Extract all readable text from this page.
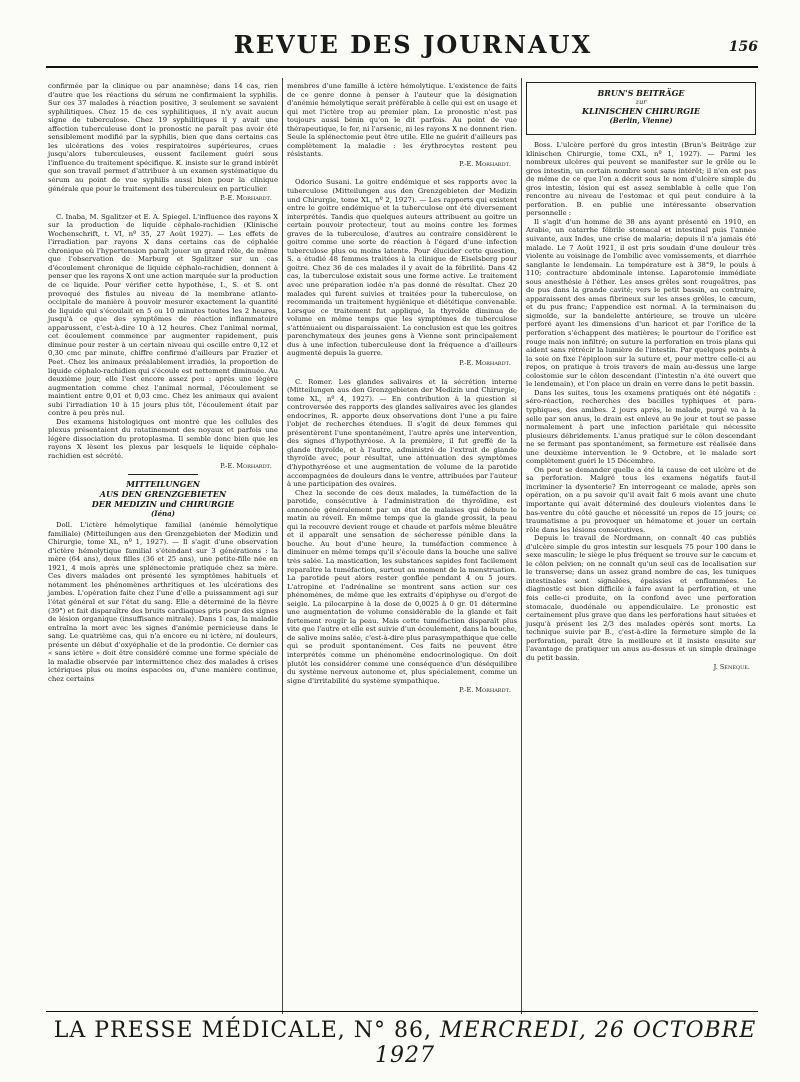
REVUE DES JOURNAUX	156

confirmée par la clinique ou par anamnèse; dans 14 cas, rien d'autre que les réactions du sérum ne confirmaient la syphilis. Sur ces 37 malades à réaction positive, 3 seulement se savaient syphilitiques. Chez 15 de ces syphilitiques, il n'y avait aucun signe de tuberculose. Chez 19 syphilitiques il y avait une affection tuberculeuse dont le pronostic ne paraît pas avoir été sensiblement modifié par la syphilis, bien que dans certains cas les ulcérations des voies respiratoires supérieures, crues jusqu'alors tuberculeuses, eussent facilement guéri sous l'influence du traitement spécifique. K. insiste sur le grand intérêt que son travail permet d'attribuer à un examen systématique du sérum au point de vue syphilis aussi bien pour la clinique générale que pour le traitement des tuberculeux en particulier.

P.-E. Morhardt.

C. Inaba, M. Sgalitzer et E. A. Spiegel. L'influence des rayons X sur la production de liquide céphalo-rachidien (Klinische Wochenschrift, t. VI, nº 35, 27 Août 1927). — Les effets de l'irradiation par rayons X dans certains cas de céphalée chronique où l'hypertension paraît jouer un grand rôle, de même que l'observation de Marburg et Sgalitzer sur un cas d'écoulement chronique de liquide céphalo-rachidien, donnent à penser que les rayons X ont une action marquée sur la production de ce liquide. Pour vérifier cette hypothèse, I., S. et S. ont provoqué des fistules au niveau de la membrane atlanto-occipitale de manière à pouvoir mesurer exactement la quantité de liquide qui s'écoulait en 5 ou 10 minutes toutes les 2 heures, jusqu'à ce que des symptômes de réaction inflammatoire apparussent, c'est-à-dire 10 à 12 heures. Chez l'animal normal, cet écoulement commence par augmenter rapidement, puis diminue pour rester à un certain niveau qui oscille entre 0,12 et 0,30 cmc par minute, chiffre confirmé d'ailleurs par Frazier et Peet. Chez les animaux préalablement irradiés, la proportion de liquide céphalo-rachidien qui s'écoule est nettement diminuée. Au deuxième jour, elle l'est encore assez peu : après une légère augmentation comme chez l'animal normal, l'écoulement se maintient entre 0,01 et 0,03 cmc. Chez les animaux qui avaient subi l'irradiation 10 à 15 jours plus tôt, l'écoulement était par contre à peu près nul.

Des examens histologiques ont montré que les cellules des plexus présentaient du ratatinement des noyaux et parfois une légère dissociation du protoplasma. Il semble donc bien que les rayons X lèsent les plexus par lesquels le liquide céphalo-rachidien est sécrété.

P.-E. Morhardt.
MITTEILUNGEN
AUS DEN GRENZGEBIETEN
DER MEDIZIN und CHIRURGIE
(Iéna)

Doll. L'ictère hémolytique familial (anémie hémolytique familiale) (Mitteilungen aus den Grenzgebieten der Medizin und Chirurgie, tome XL, nº 1, 1927). — Il s'agit d'une observation d'ictère hémolytique familial s'étendant sur 3 générations : la mère (64 ans), deux filles (36 et 25 ans), une petite-fille née en 1921, 4 mois après une splénectomie pratiquée chez sa mère. Ces divers malades ont présenté les symptômes habituels et notamment les phénomènes arthritiques et les ulcérations des jambes. L'opération faite chez l'une d'elle a puissamment agi sur l'état général et sur l'état du sang. Elle a déterminé de la fièvre (39°) et fait disparaître des bruits cardiaques pris pour des signes de lésion organique (insuffisance mitrale). Dans 1 cas, la maladie entraîna la mort avec les signes d'anémie pernicieuse dans le sang. Le quatrième cas, qui n'a encore eu ni ictère, ni douleurs, présente un début d'oxyéphalie et de la prodontie. Ce dernier cas « sans ictère » doit être considéré comme une forme spéciale de la maladie observée par intermittence chez des malades à crises ictériques plus ou moins espacées ou, d'une manière continue, chez certains

membres d'une famille à ictère hémolytique. L'existence de faits de ce genre donne à penser à l'auteur que la désignation d'anémie hémolytique serait préférable à celle qui est en usage et qui met l'ictère trop au premier plan. Le pronostic n'est pas toujours aussi bénin qu'on le dit parfois. Au point de vue thérapeutique, le fer, ni l'arsenic, ni les rayons X ne donnent rien. Seule la splénectomie peut être utile. Elle ne guérit d'ailleurs pas complètement la maladie : les érythrocytes restent peu résistants.

P.-E. Morhardt.

Odorico Susani. Le goitre endémique et ses rapports avec la tuberculose (Mitteilungen aus den Grenzgebieten der Medizin und Chirurgie, tome XL, nº 2, 1927). — Les rapports qui existent entre le goitre endémique et la tuberculose ont été diversement interprétés. Tandis que quelques auteurs attribuent au goitre un certain pouvoir protecteur, tout au moins contre les formes graves de la tuberculose, d'autres au contraire considèrent le goitre comme une sorte de réaction à l'égard d'une infection tuberculose plus ou moins latente. Pour élucider cette question, S. a étudié 48 femmes traitées à la clinique de Eiselsberg pour goitre. Chez 36 de ces malades il y avait de la fébrilité. Dans 42 cas, la tuberculose existait sous une forme active. Le traitement avec une préparation iodée n'a pas donné de résultat. Chez 20 malades qui furent suivies et traitées pour la tuberculose, on recommanda un traitement hygiénique et diététique convenable. Lorsque ce traitement fut appliqué, la thyroïde diminua de volume en même temps que les symptômes de tuberculose s'atténuaient ou disparaissaient. La conclusion est que les goitres parenchymateux des jeunes gens à Vienne sont principalement dus à une infection tuberculeuse dont la fréquence a d'ailleurs augmenté depuis la guerre.

P.-E. Morhardt.

C. Romer. Les glandes salivaires et la sécrétion interne (Mitteilungen aus den Grenzgebieten der Medizin und Chirurgie, tome XL, nº 4, 1927). — En contribution à la question si controversée des rapports des glandes salivaires avec les glandes endocrines, R. apporte deux observations dont l'une a pu faire l'objet de recherches étendues. Il s'agit de deux femmes qui présentèrent l'une spontanément, l'autre après une intervention, des signes d'hypothyréose. A la première, il fut greffé de la glande thyroïde, et à l'autre, administré de l'extrait de glande thyroïde avec, pour résultat, une atténuation des symptômes d'hypothyréose et une augmentation de volume de la parotide accompagnées de douleurs dans le ventre, attribuées par l'auteur à une participation des ovaires.

Chez la seconde de ces deux malades, la tuméfaction de la parotide, consécutive à l'administration de thyroïdine, est annoncée généralement par un état de malaises qui débute le matin au réveil. En même temps que la glande grossit, la peau qui la recouvre devient rouge et chaude et parfois même bleuâtre et il apparaît une sensation de sécheresse pénible dans la bouche. Au bout d'une heure, la tuméfaction commence à diminuer en même temps qu'il s'écoule dans la bouche une salive très salée. La mastication, les substances sapides font facilement reparaître la tuméfaction, surtout au moment de la menstruation. La parotide peut alors rester gonflée pendant 4 ou 5 jours. L'atropine et l'adrénaline se montrent sans action sur ces phénomènes, de même que les extraits d'épiphyse ou d'ergot de seigle. La pilocarpine à la dose de 0,0025 à 0 gr. 01 détermine une augmentation de volume considérable de la glande et fait fortement rougir la peau. Mais cette tuméfaction disparaît plus vite que l'autre et elle est suivie d'un écoulement, dans la bouche, de salive moins salée, c'est-à-dire plus parasympathique que celle qui se produit spontanément. Ces faits ne peuvent être interprétés comme un phénomène endocrinologique. On doit plutôt les considérer comme une conséquence d'un déséquilibre du système nerveux autonome et, plus spécialement, comme un signe d'irritabilité du système sympathique.

P.-E. Morhardt.
BRUN'S BEITRÄGE
zur
KLINISCHEN CHIRURGIE
(Berlin, Vienne)

Boss. L'ulcère perforé du gros intestin (Brun's Beiträge zur klinischen Chirurgie, tome CXL, nº 1, 1927). — Parmi les nombreux ulcères qui peuvent se manifester sur le grêle ou le gros intestin, un certain nombre sont sans intérêt; il n'en est pas de même de ce que l'on a décrit sous le nom d'ulcère simple du gros intestin, lésion qui est assez semblable à celle que l'on rencontre au niveau de l'estomac et qui peut conduire à la perforation. B. en publie une intéressante observation personnelle :

Il s'agit d'un homme de 38 ans ayant présenté en 1910, en Arabie, un catarrhe fébrile stomacal et intestinal puis l'année suivante, aux Indes, une crise de malaria; depuis il n'a jamais été malade. Le 7 Août 1921, il est pris soudain d'une douleur très violente au voisinage de l'ombilic avec vomissements, et diarrhée sanglante le lendemain. La température est à 38°9, le pouls à 110; contracture abdominale intense. Laparotomie immédiate sous anesthésie à l'éther. Les anses grêles sont rougeâtres, pas de pus dans la grande cavité; vers le petit bassin, au contraire, apparaissent des amas fibrineux sur les anses grêles, le cæcum, et du pus franc; l'appendice est normal. A la terminaison du sigmoïde, sur la bandelette antérieure, se trouve un ulcère perforé ayant les dimensions d'un haricot et par l'orifice de la perforation s'échappent des matières; le pourtour de l'orifice est rouge mais non infiltré; on suture la perforation en trois plans qui aident sans rétrécir la lumière de l'intestin. Par quelques points à la soie on fixe l'épiploon sur la suture et, pour mettre celle-ci au repos, on pratique à trois travers de main au-dessus une large colostomie sur le côlon descendant (l'intestin n'a été ouvert que le lendemain), et l'on place un drain en verre dans le petit bassin.

Dans les suites, tous les examens pratiqués ont été négatifs : séro-réaction, recherches des bacilles typhiques et para-typhiques, des amibes. 2 jours après, le malade, purgé va à la selle par son anus, le drain est enlevé au 9e jour et tout se passe normalement à part une infection pariétale qui nécessite plusieurs débridements. L'anus pratiqué sur le côlon descendant ne se fermant pas spontanément, sa fermeture est réalisée dans une deuxième intervention le 9 Octobre, et le malade sort complètement guéri le 15 Décembre.

On peut se demander quelle a été la cause de cet ulcère et de sa perforation. Malgré tous les examens négatifs faut-il incriminer la dysenterie? En interrogeant ce malade, après son opération, on a pu savoir qu'il avait fait 6 mois avant une chute importante qui avait déterminé des douleurs violentes dans le bas-ventre du côté gauche et nécessité un repos de 15 jours; ce traumatisme a pu provoquer un hématome et jouer un certain rôle dans les lésions consécutives.

Depuis le travail de Nordmann, on connaît 40 cas publiés d'ulcère simple du gros intestin sur lesquels 75 pour 100 dans le sexe masculin; le siège le plus fréquent se trouve sur le cæcum et le côlon pelvien; on ne connaît qu'un seul cas de localisation sur le transverse; dans un assez grand nombre de cas, les tuniques intestinales sont signalées, épaissies et enflammées. Le diagnostic est bien difficile à faire avant la perforation, et une fois celle-ci produite, on la confond avec une perforation stomacale, duodénale ou appendiculaire. Le pronostic est certainement plus grave que dans les perforations haut situées et jusqu'à présent les 2/3 des malades opérés sont morts. La technique suivie par B., c'est-à-dire la fermeture simple de la perforation, paraît être la meilleure et il insiste ensuite sur l'avantage de pratiquer un anus au-dessus et un simple drainage du petit bassin.

J. Sénèque.
LA PRESSE MÉDICALE, N° 86, MERCREDI, 26 OCTOBRE 1927
